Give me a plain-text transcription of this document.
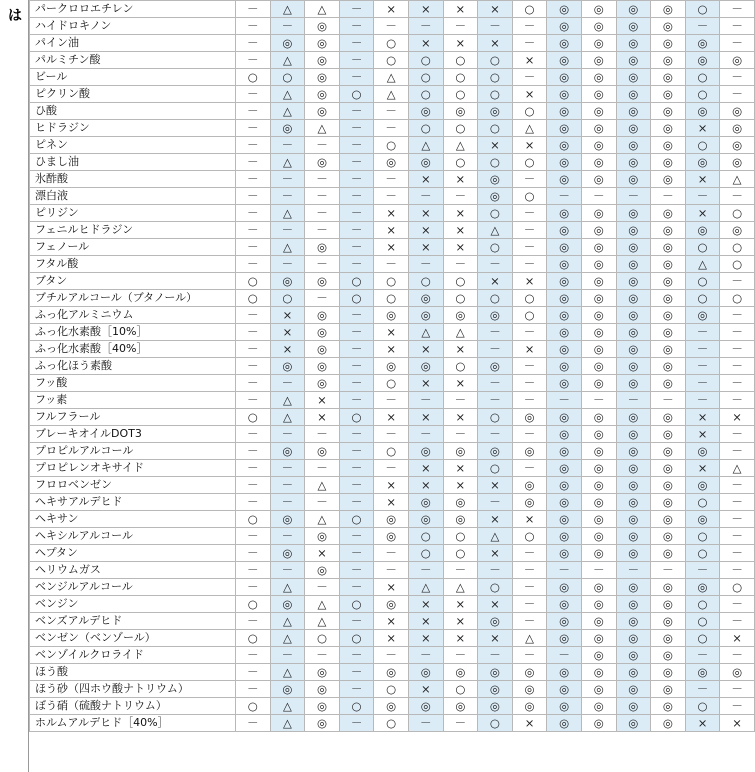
は パークロロエチレン	－	△	△	－	×	×	×	×	○	◎	◎	◎	◎	○	－
ハイドロキノン	－	－	◎	－	－	－	－	－	－	◎	◎	◎	◎	－	－
パイン油	－	◎	◎	－	○	×	×	×	－	◎	◎	◎	◎	◎	－
パルミチン酸	－	△	◎	－	○	○	○	○	×	◎	◎	◎	◎	◎	◎
ビール	○	○	◎	－	△	○	○	○	－	◎	◎	◎	◎	○	－
ピクリン酸	－	△	◎	○	△	○	○	○	×	◎	◎	◎	◎	○	－
ひ酸	－	△	◎	－	－	◎	◎	◎	○	◎	◎	◎	◎	◎	◎
ヒドラジン	－	◎	△	－	－	○	○	○	△	◎	◎	◎	◎	×	◎
ピネン	－	－	－	－	○	△	△	×	×	◎	◎	◎	◎	○	◎
ひまし油	－	△	◎	－	◎	◎	○	○	○	◎	◎	◎	◎	◎	◎
氷酢酸	－	－	－	－	－	×	×	◎	－	◎	◎	◎	◎	×	△
漂白液	－	－	－	－	－	－	－	◎	○	－	－	－	－	－	－
ピリジン	－	△	－	－	×	×	×	○	－	◎	◎	◎	◎	×	○
フェニルヒドラジン	－	－	－	－	×	×	×	△	－	◎	◎	◎	◎	◎	◎
フェノール	－	△	◎	－	×	×	×	○	－	◎	◎	◎	◎	○	○
フタル酸	－	－	－	－	－	－	－	－	－	◎	◎	◎	◎	△	○
ブタン	○	◎	◎	○	○	○	○	×	×	◎	◎	◎	◎	○	－
ブチルアルコール（ブタノール）	○	○	－	○	○	◎	○	○	○	◎	◎	◎	◎	○	○
ふっ化アルミニウム	－	×	◎	－	◎	◎	◎	◎	○	◎	◎	◎	◎	◎	－
ふっ化水素酸［10%］	－	×	◎	－	×	△	△	－	－	◎	◎	◎	◎	－	－
ふっ化水素酸［40%］	－	×	◎	－	×	×	×	－	×	◎	◎	◎	◎	－	－
ふっ化ほう素酸	－	◎	◎	－	◎	◎	○	◎	－	◎	◎	◎	◎	－	－
フッ酸	－	－	◎	－	○	×	×	－	－	◎	◎	◎	◎	－	－
フッ素	－	△	×	－	－	－	－	－	－	－	－	－	－	－	－
フルフラール	○	△	×	○	×	×	×	○	◎	◎	◎	◎	◎	×	×
ブレーキオイルDOT3	－	－	－	－	－	－	－	－	－	◎	◎	◎	◎	×	－
プロピルアルコール	－	◎	◎	－	○	◎	◎	◎	◎	◎	◎	◎	◎	◎	－
プロピレンオキサイド	－	－	－	－	－	×	×	○	－	◎	◎	◎	◎	×	△
フロロベンゼン	－	－	△	－	×	×	×	×	◎	◎	◎	◎	◎	◎	－
ヘキサアルデヒド	－	－	－	－	×	◎	◎	－	◎	◎	◎	◎	◎	○	－
ヘキサン	○	◎	△	○	◎	◎	◎	×	×	◎	◎	◎	◎	◎	－
ヘキシルアルコール	－	－	◎	－	◎	○	○	△	○	◎	◎	◎	◎	○	－
ヘプタン	－	◎	×	－	－	○	○	×	－	◎	◎	◎	◎	○	－
ヘリウムガス	－	－	◎	－	－	－	－	－	－	－	－	－	－	－	－
ベンジルアルコール	－	△	－	－	×	△	△	○	－	◎	◎	◎	◎	◎	○
ベンジン	○	◎	△	○	◎	×	×	×	－	◎	◎	◎	◎	○	－
ベンズアルデヒド	－	△	△	－	×	×	×	◎	－	◎	◎	◎	◎	○	－
ベンゼン（ベンゾール）	○	△	○	○	×	×	×	×	△	◎	◎	◎	◎	○	×
ベンゾイルクロライド	－	－	－	－	－	－	－	－	－	－	◎	◎	◎	－	－
ほう酸	－	△	◎	－	◎	◎	◎	◎	◎	◎	◎	◎	◎	◎	◎
ほう砂（四ホウ酸ナトリウム）	－	◎	◎	－	○	×	○	◎	◎	◎	◎	◎	◎	－	－
ぼう硝（硫酸ナトリウム）	○	△	◎	○	◎	◎	◎	◎	◎	◎	◎	◎	◎	○	－
ホルムアルデヒド［40%］	－	△	◎	－	○	－	－	○	×	◎	◎	◎	◎	×	×
